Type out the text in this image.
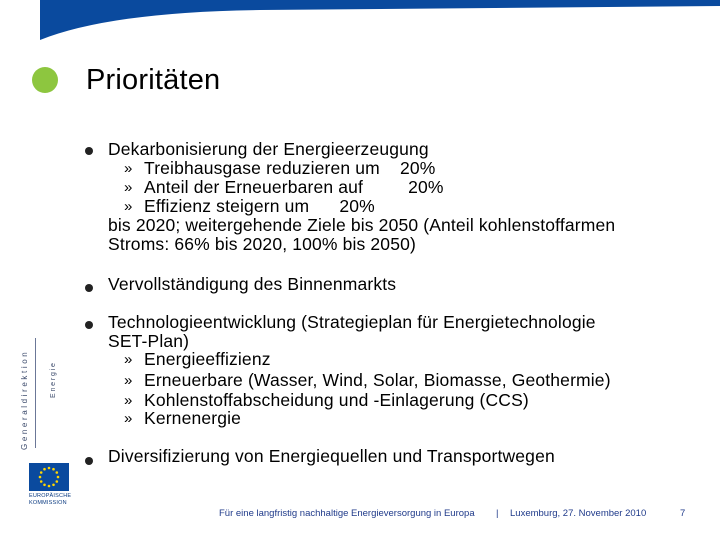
Prioritäten
Dekarbonisierung der Energieerzeugung
» Treibhausgase reduzieren um    20%
» Anteil der Erneuerbaren auf         20%
» Effizienz steigern um      20%
bis 2020; weitergehende Ziele bis 2050 (Anteil kohlenstoffarmen
Stroms: 66% bis 2020, 100% bis 2050)
Vervollständigung des Binnenmarkts
Technologieentwicklung (Strategieplan für Energietechnologie
SET-Plan)
» Energieeffizienz
» Erneuerbare (Wasser, Wind, Solar, Biomasse, Geothermie)
» Kohlenstoffabscheidung und -Einlagerung (CCS)
» Kernenergie
Diversifizierung von Energiequellen und Transportwegen
Generaldirektion	Energie
EUROPÄISCHE
KOMMISSION
Für eine langfristig nachhaltige Energieversorgung in Europa | Luxemburg, 27. November 2010	7
